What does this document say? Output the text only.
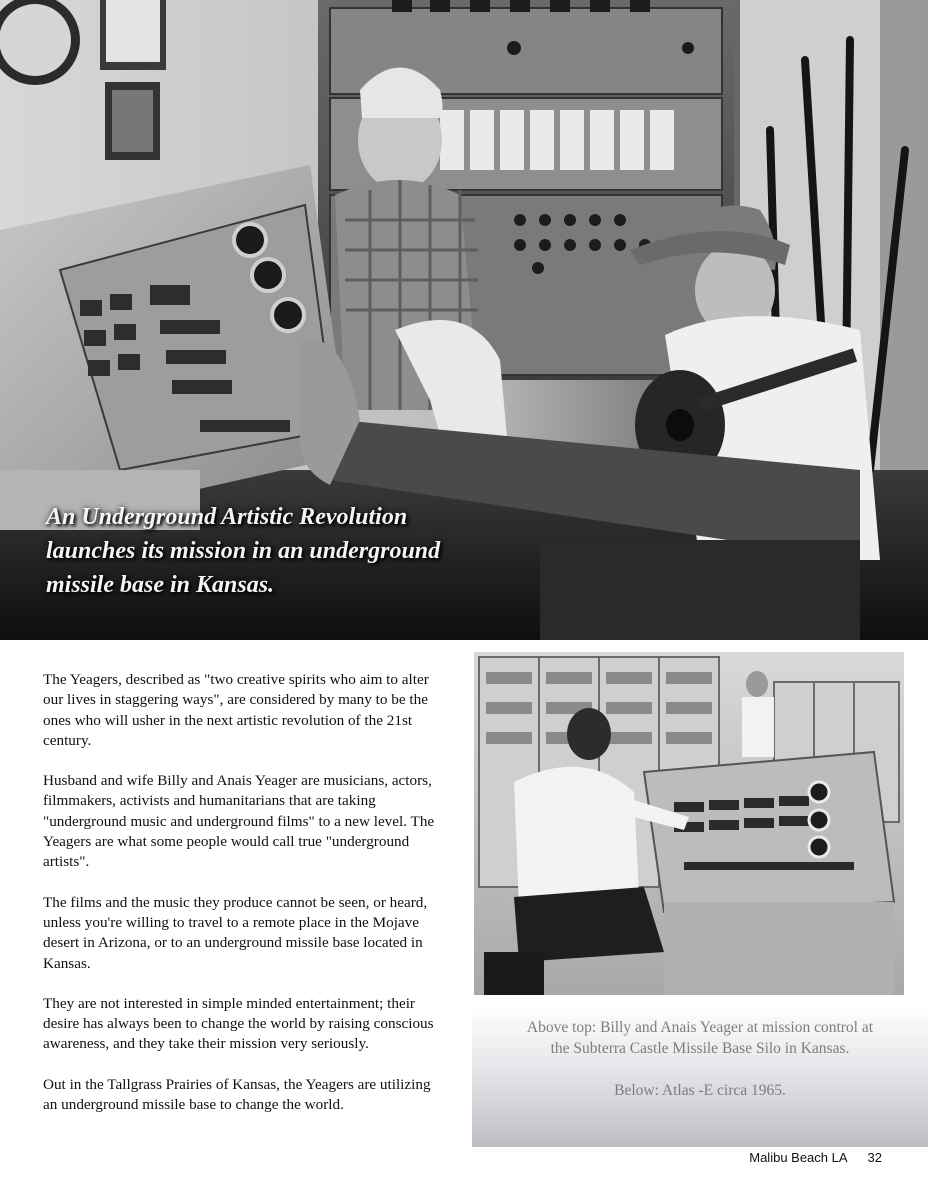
An Underground Artistic Revolution
launches its mission in an underground
missile base in Kansas.

The Yeagers, described as "two creative spirits who aim to alter our lives in staggering ways", are considered by many to be the ones who will usher in the next artistic revolution of the 21st century.

Husband and wife Billy and Anais Yeager are musicians, actors, filmmakers, activists and humanitarians that are taking "underground music and underground films" to a new level. The Yeagers are what some people would call true "underground artists".

The films and the music they produce cannot be seen, or heard, unless you're willing to travel to a remote place in the Mojave desert in Arizona, or to an underground missile base located in Kansas.

They are not interested in simple minded entertainment; their desire has always been to change the world by raising conscious awareness, and they take their mission very seriously.

Out in the Tallgrass Prairies of Kansas, the Yeagers are utilizing an underground missile base to change the world.

Above top: Billy and Anais Yeager at mission control at
the Subterra Castle Missile Base Silo in Kansas.
Below: Atlas -E circa 1965.
Malibu Beach LA 32
